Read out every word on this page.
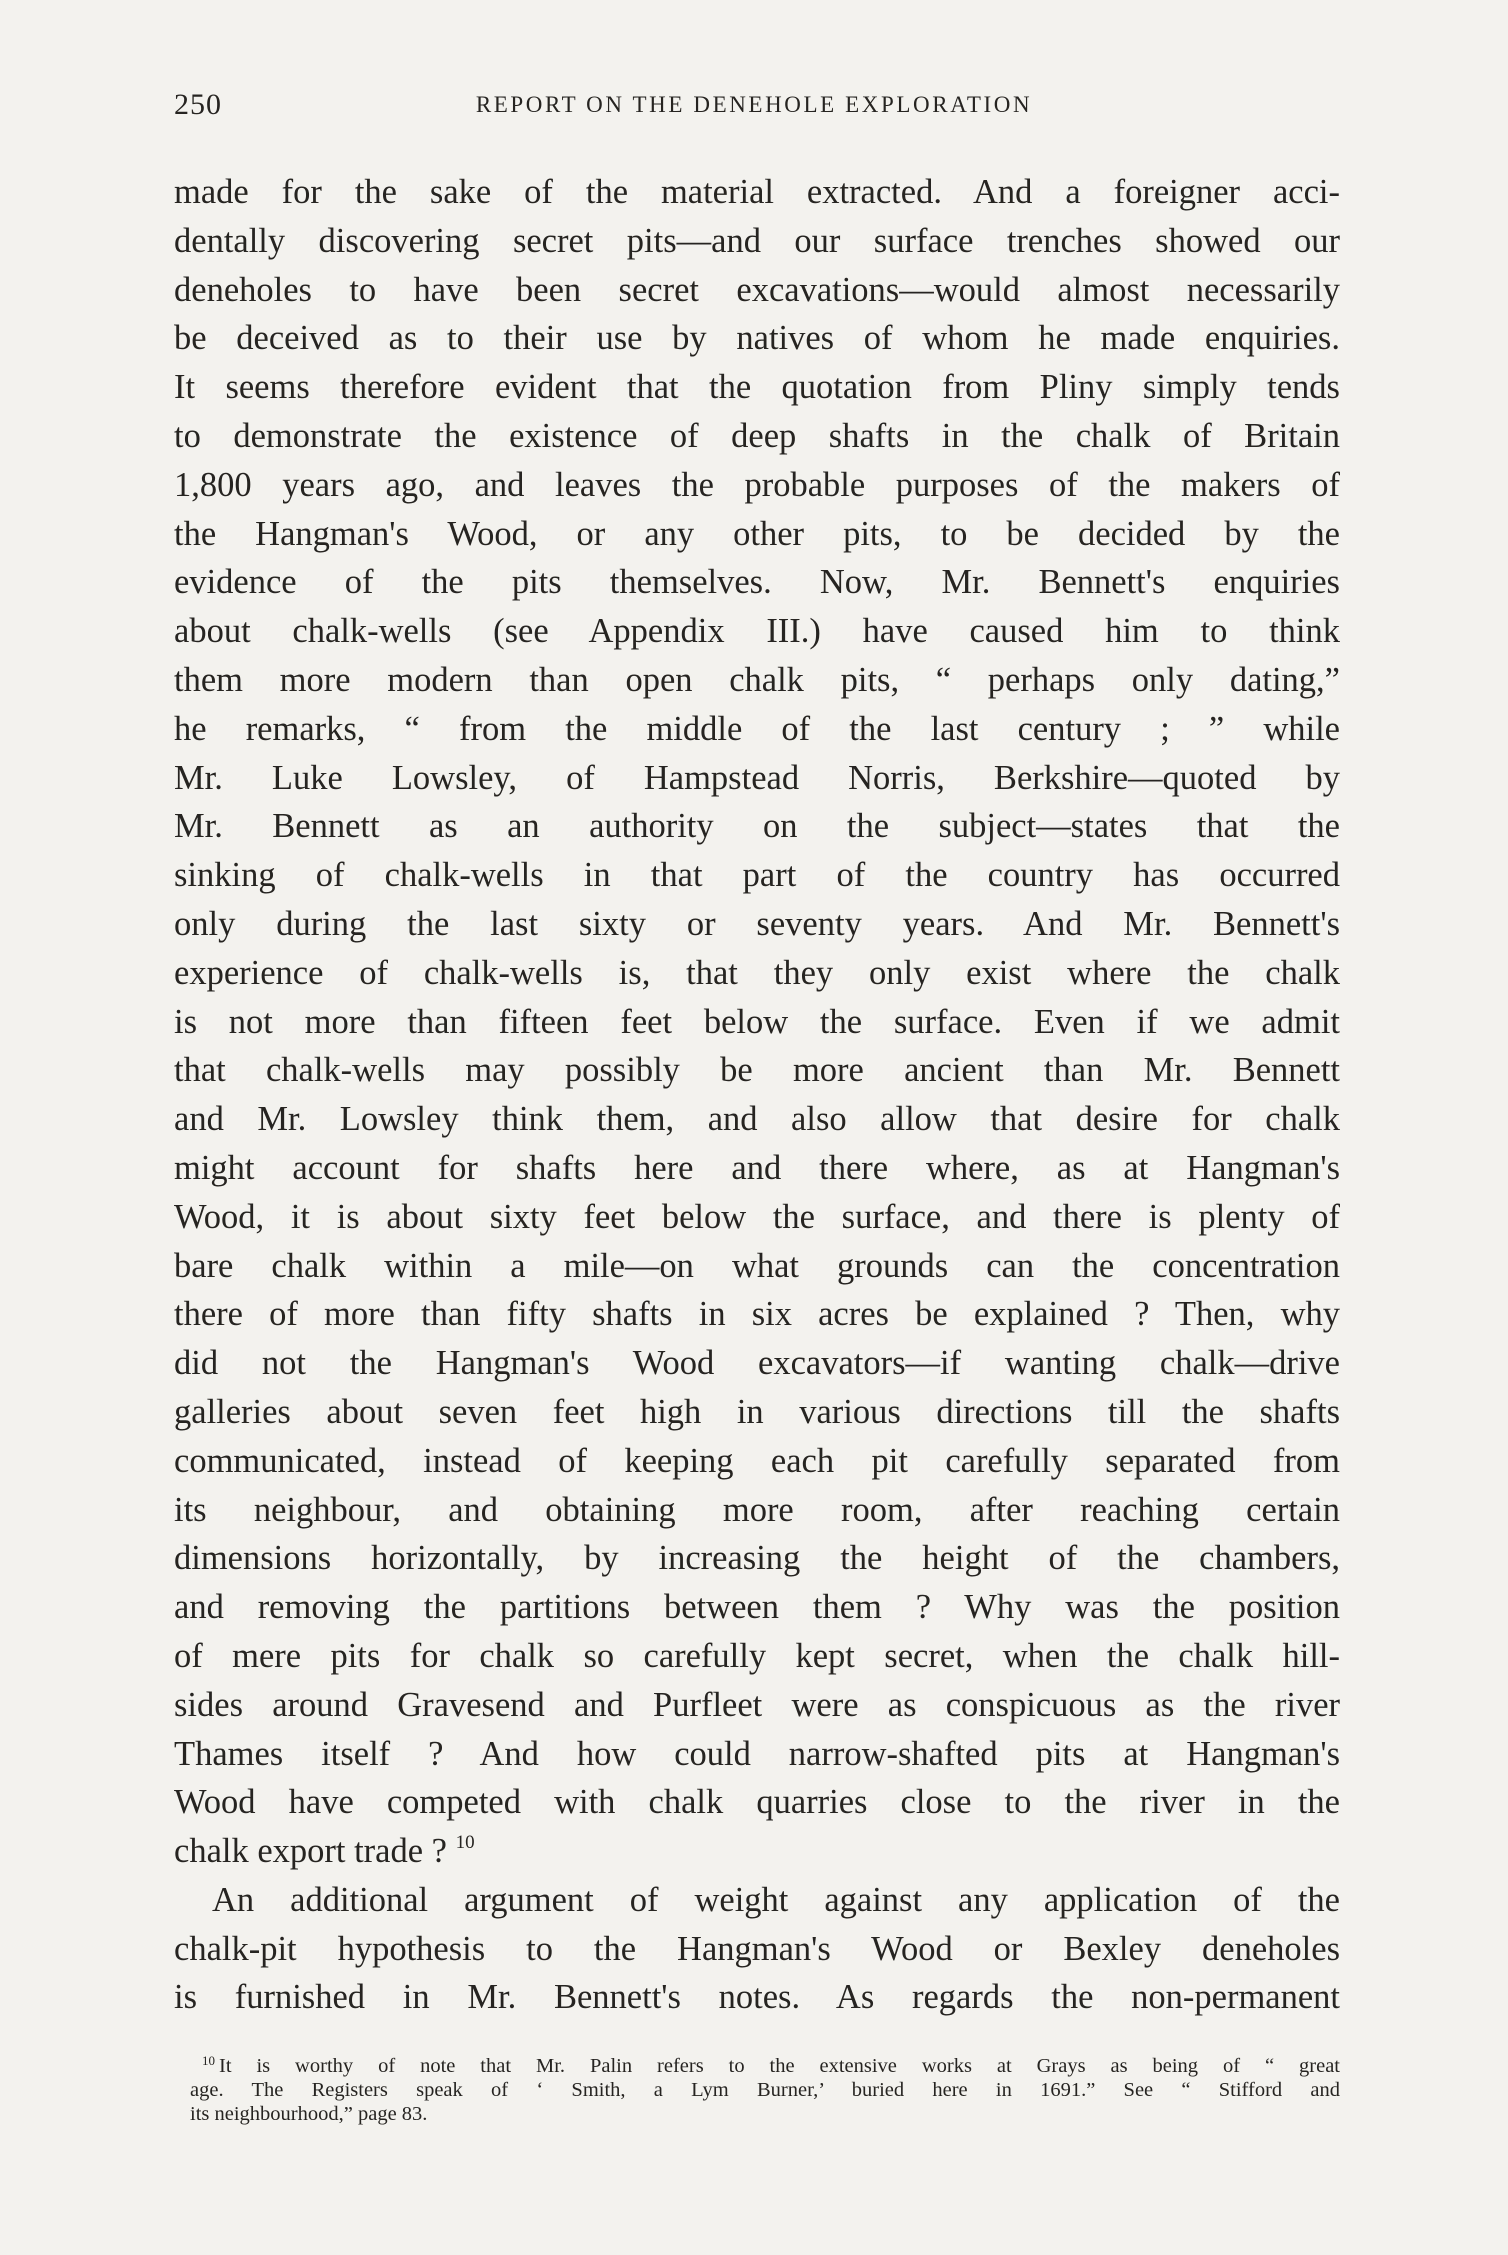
250	REPORT ON THE DENEHOLE EXPLORATION
made for the sake of the material extracted. And a foreigner acci-
dentally discovering secret pits—and our surface trenches showed our
deneholes to have been secret excavations—would almost necessarily
be deceived as to their use by natives of whom he made enquiries.
It seems therefore evident that the quotation from Pliny simply tends
to demonstrate the existence of deep shafts in the chalk of Britain
1,800 years ago, and leaves the probable purposes of the makers of
the Hangman's Wood, or any other pits, to be decided by the
evidence of the pits themselves. Now, Mr. Bennett's enquiries
about chalk-wells (see Appendix III.) have caused him to think
them more modern than open chalk pits, “ perhaps only dating,”
he remarks, “ from the middle of the last century ; ” while
Mr. Luke Lowsley, of Hampstead Norris, Berkshire—quoted by
Mr. Bennett as an authority on the subject—states that the
sinking of chalk-wells in that part of the country has occurred
only during the last sixty or seventy years. And Mr. Bennett's
experience of chalk-wells is, that they only exist where the chalk
is not more than fifteen feet below the surface. Even if we admit
that chalk-wells may possibly be more ancient than Mr. Bennett
and Mr. Lowsley think them, and also allow that desire for chalk
might account for shafts here and there where, as at Hangman's
Wood, it is about sixty feet below the surface, and there is plenty of
bare chalk within a mile—on what grounds can the concentration
there of more than fifty shafts in six acres be explained ? Then, why
did not the Hangman's Wood excavators—if wanting chalk—drive
galleries about seven feet high in various directions till the shafts
communicated, instead of keeping each pit carefully separated from
its neighbour, and obtaining more room, after reaching certain
dimensions horizontally, by increasing the height of the chambers,
and removing the partitions between them ? Why was the position
of mere pits for chalk so carefully kept secret, when the chalk hill-
sides around Gravesend and Purfleet were as conspicuous as the river
Thames itself ? And how could narrow-shafted pits at Hangman's
Wood have competed with chalk quarries close to the river in the
chalk export trade ? $^{10}$
An additional argument of weight against any application of the
chalk-pit hypothesis to the Hangman's Wood or Bexley deneholes
is furnished in Mr. Bennett's notes. As regards the non-permanent
$^{10}$ It is worthy of note that Mr. Palin refers to the extensive works at Grays as being of “ great
age. The Registers speak of ‘ Smith, a Lym Burner,’ buried here in 1691.” See “ Stifford and
its neighbourhood,” page 83.
